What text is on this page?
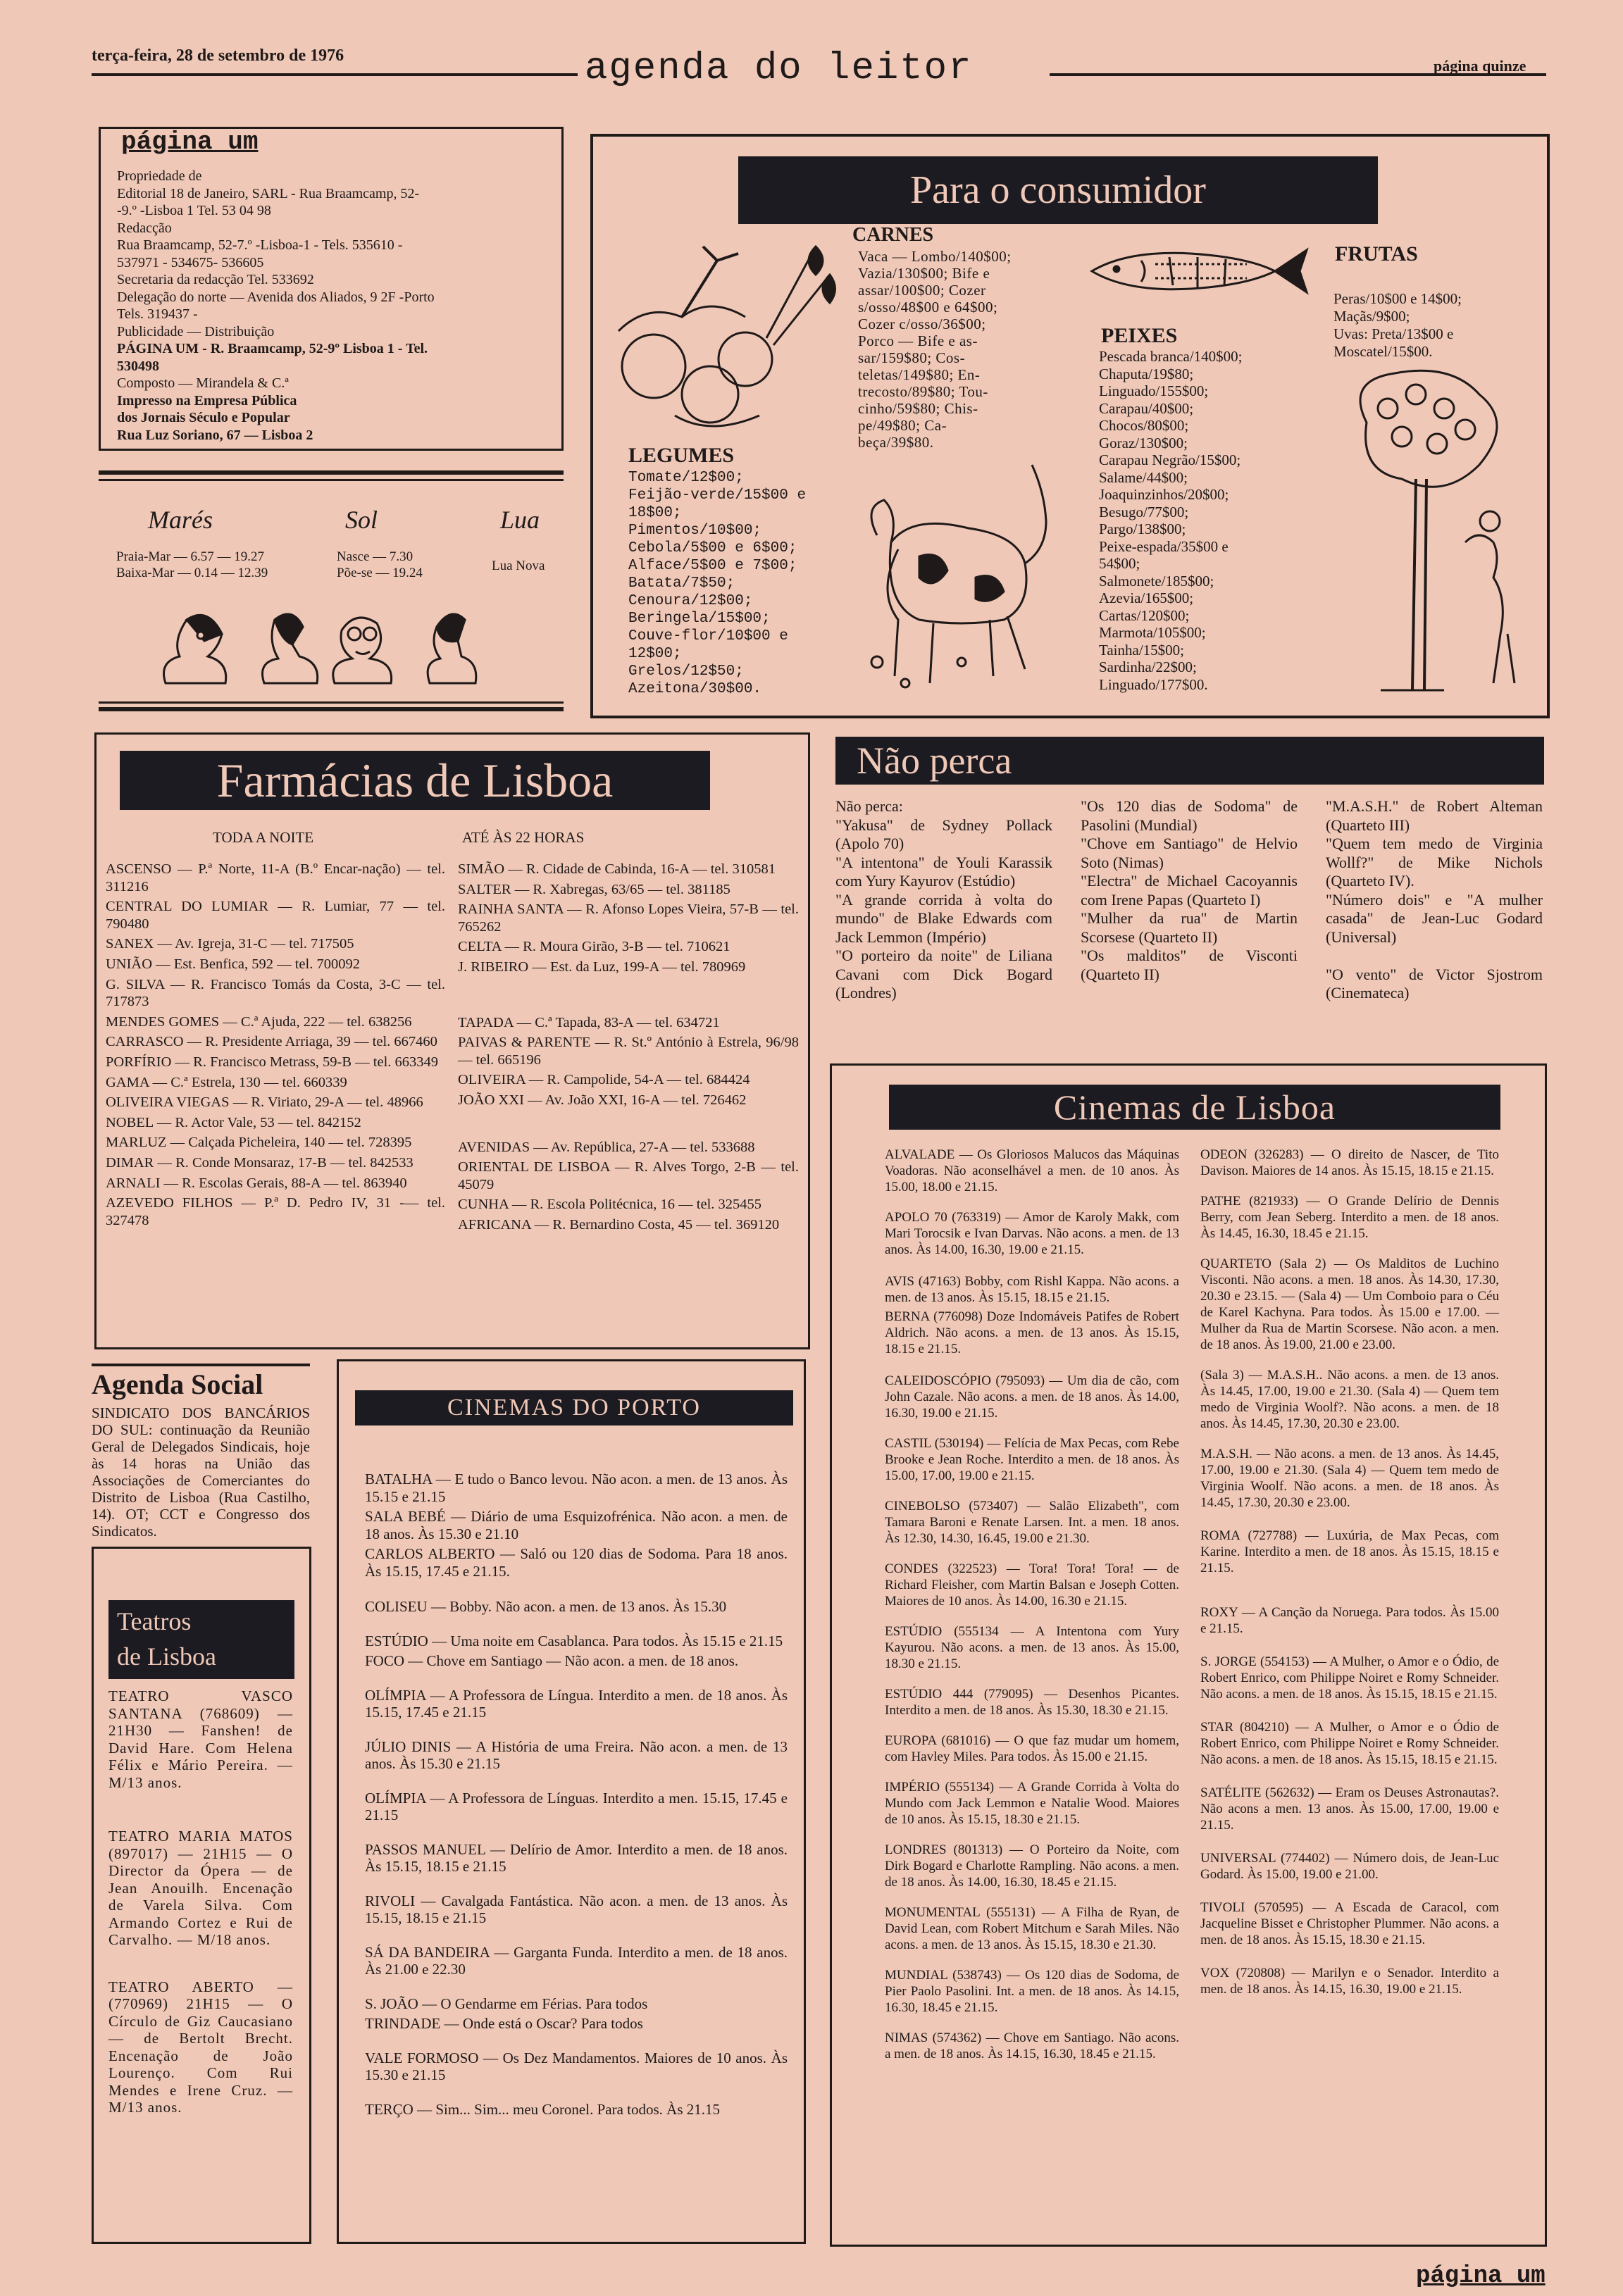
terça-feira, 28 de setembro de 1976	agenda do leitor	página quinze
página um
Propriedade de
Editorial 18 de Janeiro, SARL - Rua Braamcamp, 52-
-9.º -Lisboa 1 Tel. 53 04 98
Redacção
Rua Braamcamp, 52-7.º -Lisboa-1 - Tels. 535610 -
537971 - 534675- 536605
Secretaria da redacção Tel. 533692
Delegação do norte — Avenida dos Aliados, 9 2F -Porto
Tels. 319437 -
Publicidade — Distribuição
PÁGINA UM - R. Braamcamp, 52-9º Lisboa 1 - Tel.
530498
Composto — Mirandela & C.ª
Impresso na Empresa Pública
dos Jornais Século e Popular
Rua Luz Soriano, 67 — Lisboa 2
Marés	Sol	Lua
Praia-Mar — 6.57 — 19.27
Baixa-Mar — 0.14 — 12.39
Nasce — 7.30
Põe-se — 19.24	Lua Nova
Para o consumidor
CARNES
Vaca — Lombo/140$00;
Vazia/130$00; Bife e
assar/100$00; Cozer
s/osso/48$00 e 64$00;
Cozer c/osso/36$00;
Porco — Bife e as-
sar/159$80; Cos-
teletas/149$80; En-
trecosto/89$80; Tou-
cinho/59$80; Chis-
pe/49$80; Ca-
beça/39$80.
LEGUMES
Tomate/12$00;
Feijão-verde/15$00 e
18$00;
Pimentos/10$00;
Cebola/5$00 e 6$00;
Alface/5$00 e 7$00;
Batata/7$50;
Cenoura/12$00;
Beringela/15$00;
Couve-flor/10$00 e
12$00;
Grelos/12$50;
Azeitona/30$00.
FRUTAS
Peras/10$00 e 14$00;
Maçãs/9$00;
Uvas: Preta/13$00 e
Moscatel/15$00.
PEIXES
Pescada branca/140$00;
Chaputa/19$80;
Linguado/155$00;
Carapau/40$00;
Chocos/80$00;
Goraz/130$00;
Carapau Negrão/15$00;
Salame/44$00;
Joaquinzinhos/20$00;
Besugo/77$00;
Pargo/138$00;
Peixe-espada/35$00 e
54$00;
Salmonete/185$00;
Azevia/165$00;
Cartas/120$00;
Marmota/105$00;
Tainha/15$00;
Sardinha/22$00;
Linguado/177$00.
Farmácias de Lisboa
TODA A NOITE	ATÉ ÀS 22 HORAS

ASCENSO — P.ª Norte, 11-A (B.º Encar-nação) — tel. 311216

CENTRAL DO LUMIAR — R. Lumiar, 77 — tel. 790480

SANEX — Av. Igreja, 31-C — tel. 717505

UNIÃO — Est. Benfica, 592 — tel. 700092

G. SILVA — R. Francisco Tomás da Costa, 3-C — tel. 717873

MENDES GOMES — C.ª Ajuda, 222 — tel. 638256

CARRASCO — R. Presidente Arriaga, 39 — tel. 667460

PORFÍRIO — R. Francisco Metrass, 59-B — tel. 663349

GAMA — C.ª Estrela, 130 — tel. 660339

OLIVEIRA VIEGAS — R. Viriato, 29-A — tel. 48966

NOBEL — R. Actor Vale, 53 — tel. 842152

MARLUZ — Calçada Picheleira, 140 — tel. 728395

DIMAR — R. Conde Monsaraz, 17-B — tel. 842533

ARNALI — R. Escolas Gerais, 88-A — tel. 863940

AZEVEDO FILHOS — P.ª D. Pedro IV, 31 -— tel. 327478

SIMÃO — R. Cidade de Cabinda, 16-A — tel. 310581

SALTER — R. Xabregas, 63/65 — tel. 381185

RAINHA SANTA — R. Afonso Lopes Vieira, 57-B — tel. 765262

CELTA — R. Moura Girão, 3-B — tel. 710621

J. RIBEIRO — Est. da Luz, 199-A — tel. 780969

TAPADA — C.ª Tapada, 83-A — tel. 634721

PAIVAS & PARENTE — R. St.º António à Estrela, 96/98 — tel. 665196

OLIVEIRA — R. Campolide, 54-A — tel. 684424

JOÃO XXI — Av. João XXI, 16-A — tel. 726462

AVENIDAS — Av. República, 27-A — tel. 533688

ORIENTAL DE LISBOA — R. Alves Torgo, 2-B — tel. 45079

CUNHA — R. Escola Politécnica, 16 — tel. 325455

AFRICANA — R. Bernardino Costa, 45 — tel. 369120

Não perca
Não perca:
"Yakusa" de Sydney Pollack (Apolo 70)
"A intentona" de Youli Karassik com Yury Kayurov (Estúdio)
"A grande corrida à volta do mundo" de Blake Edwards com Jack Lemmon (Império)
"O porteiro da noite" de Liliana Cavani com Dick Bogard (Londres)
"Os 120 dias de Sodoma" de Pasolini (Mundial)
"Chove em Santiago" de Helvio Soto (Nimas)
"Electra" de Michael Cacoyannis com Irene Papas (Quarteto I)
"Mulher da rua" de Martin Scorsese (Quarteto II)
"Os malditos" de Visconti (Quarteto II)
"M.A.S.H." de Robert Alteman (Quarteto III)
"Quem tem medo de Virginia Wollf?" de Mike Nichols (Quarteto IV).
"Número dois" e "A mulher casada" de Jean-Luc Godard (Universal)

"O vento" de Victor Sjostrom (Cinemateca)
Agenda Social
SINDICATO DOS BANCÁRIOS DO SUL: continuação da Reunião Geral de Delegados Sindicais, hoje às 14 horas na União das Associações de Comerciantes do Distrito de Lisboa (Rua Castilho, 14). OT; CCT e Congresso dos Sindicatos.
Teatros
de Lisboa

TEATRO VASCO SANTANA (768609) — 21H30 — Fanshen! de David Hare. Com Helena Félix e Mário Pereira. — M/13 anos.

TEATRO MARIA MATOS (897017) — 21H15 — O Director da Ópera — de Jean Anouilh. Encenação de Varela Silva. Com Armando Cortez e Rui de Carvalho. — M/18 anos.

TEATRO ABERTO — (770969) 21H15 — O Círculo de Giz Caucasiano — de Bertolt Brecht. Encenação de João Lourenço. Com Rui Mendes e Irene Cruz. — M/13 anos.

CINEMAS DO PORTO

BATALHA — E tudo o Banco levou. Não acon. a men. de 13 anos. Às 15.15 e 21.15

SALA BEBÉ — Diário de uma Esquizofrénica. Não acon. a men. de 18 anos. Às 15.30 e 21.10

CARLOS ALBERTO — Saló ou 120 dias de Sodoma. Para 18 anos. Às 15.15, 17.45 e 21.15.

COLISEU — Bobby. Não acon. a men. de 13 anos. Às 15.30

ESTÚDIO — Uma noite em Casablanca. Para todos. Às 15.15 e 21.15

FOCO — Chove em Santiago — Não acon. a men. de 18 anos.

OLÍMPIA — A Professora de Língua. Interdito a men. de 18 anos. Às 15.15, 17.45 e 21.15

JÚLIO DINIS — A História de uma Freira. Não acon. a men. de 13 anos. Às 15.30 e 21.15

OLÍMPIA — A Professora de Línguas. Interdito a men. 15.15, 17.45 e 21.15

PASSOS MANUEL — Delírio de Amor. Interdito a men. de 18 anos. Às 15.15, 18.15 e 21.15

RIVOLI — Cavalgada Fantástica. Não acon. a men. de 13 anos. Às 15.15, 18.15 e 21.15

SÁ DA BANDEIRA — Garganta Funda. Interdito a men. de 18 anos. Às 21.00 e 22.30

S. JOÃO — O Gendarme em Férias. Para todos

TRINDADE — Onde está o Oscar? Para todos

VALE FORMOSO — Os Dez Mandamentos. Maiores de 10 anos. Às 15.30 e 21.15

TERÇO — Sim... Sim... meu Coronel. Para todos. Às 21.15

Cinemas de Lisboa

ALVALADE — Os Gloriosos Malucos das Máquinas Voadoras. Não aconselhável a men. de 10 anos. Às 15.00, 18.00 e 21.15.

APOLO 70 (763319) — Amor de Karoly Makk, com Mari Torocsik e Ivan Darvas. Não acons. a men. de 13 anos. Às 14.00, 16.30, 19.00 e 21.15.

AVIS (47163) Bobby, com Rishl Kappa. Não acons. a men. de 13 anos. Às 15.15, 18.15 e 21.15.

BERNA (776098) Doze Indomáveis Patifes de Robert Aldrich. Não acons. a men. de 13 anos. Às 15.15, 18.15 e 21.15.

CALEIDOSCÓPIO (795093) — Um dia de cão, com John Cazale. Não acons. a men. de 18 anos. Às 14.00, 16.30, 19.00 e 21.15.

CASTIL (530194) — Felícia de Max Pecas, com Rebe Brooke e Jean Roche. Interdito a men. de 18 anos. Às 15.00, 17.00, 19.00 e 21.15.

CINEBOLSO (573407) — Salão Elizabeth", com Tamara Baroni e Renate Larsen. Int. a men. 18 anos. Às 12.30, 14.30, 16.45, 19.00 e 21.30.

CONDES (322523) — Tora! Tora! Tora! — de Richard Fleisher, com Martin Balsan e Joseph Cotten. Maiores de 10 anos. Às 14.00, 16.30 e 21.15.

ESTÚDIO (555134 — A Intentona com Yury Kayurou. Não acons. a men. de 13 anos. Às 15.00, 18.30 e 21.15.

ESTÚDIO 444 (779095) — Desenhos Picantes. Interdito a men. de 18 anos. Às 15.30, 18.30 e 21.15.

EUROPA (681016) — O que faz mudar um homem, com Havley Miles. Para todos. Às 15.00 e 21.15.

IMPÉRIO (555134) — A Grande Corrida à Volta do Mundo com Jack Lemmon e Natalie Wood. Maiores de 10 anos. Às 15.15, 18.30 e 21.15.

LONDRES (801313) — O Porteiro da Noite, com Dirk Bogard e Charlotte Rampling. Não acons. a men. de 18 anos. Às 14.00, 16.30, 18.45 e 21.15.

MONUMENTAL (555131) — A Filha de Ryan, de David Lean, com Robert Mitchum e Sarah Miles. Não acons. a men. de 13 anos. Às 15.15, 18.30 e 21.30.

MUNDIAL (538743) — Os 120 dias de Sodoma, de Pier Paolo Pasolini. Int. a men. de 18 anos. Às 14.15, 16.30, 18.45 e 21.15.

NIMAS (574362) — Chove em Santiago. Não acons. a men. de 18 anos. Às 14.15, 16.30, 18.45 e 21.15.

ODEON (326283) — O direito de Nascer, de Tito Davison. Maiores de 14 anos. Às 15.15, 18.15 e 21.15.

PATHE (821933) — O Grande Delírio de Dennis Berry, com Jean Seberg. Interdito a men. de 18 anos. Às 14.45, 16.30, 18.45 e 21.15.

QUARTETO (Sala 2) — Os Malditos de Luchino Visconti. Não acons. a men. 18 anos. Às 14.30, 17.30, 20.30 e 23.15. — (Sala 4) — Um Comboio para o Céu de Karel Kachyna. Para todos. Às 15.00 e 17.00. — Mulher da Rua de Martin Scorsese. Não acon. a men. de 18 anos. Às 19.00, 21.00 e 23.00.

(Sala 3) — M.A.S.H.. Não acons. a men. de 13 anos. Às 14.45, 17.00, 19.00 e 21.30. (Sala 4) — Quem tem medo de Virginia Woolf?. Não acons. a men. de 18 anos. Às 14.45, 17.30, 20.30 e 23.00.

M.A.S.H. — Não acons. a men. de 13 anos. Às 14.45, 17.00, 19.00 e 21.30. (Sala 4) — Quem tem medo de Virginia Woolf. Não acons. a men. de 18 anos. Às 14.45, 17.30, 20.30 e 23.00.

ROMA (727788) — Luxúria, de Max Pecas, com Karine. Interdito a men. de 18 anos. Às 15.15, 18.15 e 21.15.

ROXY — A Canção da Noruega. Para todos. Às 15.00 e 21.15.

S. JORGE (554153) — A Mulher, o Amor e o Ódio, de Robert Enrico, com Philippe Noiret e Romy Schneider. Não acons. a men. de 18 anos. Às 15.15, 18.15 e 21.15.

STAR (804210) — A Mulher, o Amor e o Ódio de Robert Enrico, com Philippe Noiret e Romy Schneider. Não acons. a men. de 18 anos. Às 15.15, 18.15 e 21.15.

SATÉLITE (562632) — Eram os Deuses Astronautas?. Não acons a men. 13 anos. Às 15.00, 17.00, 19.00 e 21.15.

UNIVERSAL (774402) — Número dois, de Jean-Luc Godard. Às 15.00, 19.00 e 21.00.

TIVOLI (570595) — A Escada de Caracol, com Jacqueline Bisset e Christopher Plummer. Não acons. a men. de 18 anos. Às 15.15, 18.30 e 21.15.

VOX (720808) — Marilyn e o Senador. Interdito a men. de 18 anos. Às 14.15, 16.30, 19.00 e 21.15.

página um
